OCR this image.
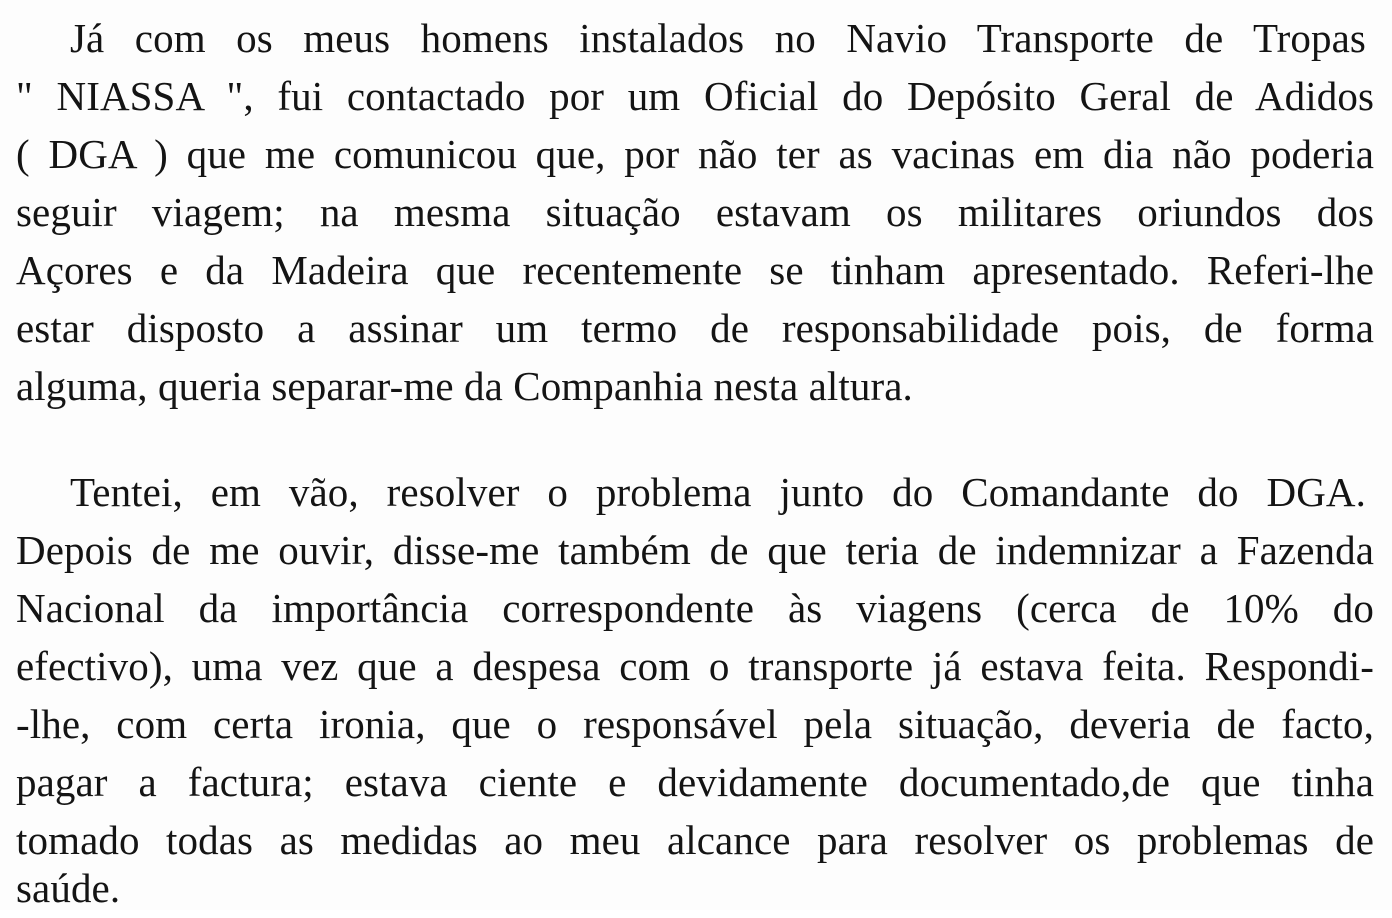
Já com os meus homens instalados no Navio Transporte de Tropas
" NIASSA ", fui contactado por um Oficial do Depósito Geral de Adidos
( DGA ) que me comunicou que, por não ter as vacinas em dia não poderia
seguir viagem; na mesma situação estavam os militares oriundos dos
Açores e da Madeira que recentemente se tinham apresentado. Referi-lhe
estar disposto a assinar um termo de responsabilidade pois, de forma
alguma, queria separar-me da Companhia nesta altura.
Tentei, em vão, resolver o problema junto do Comandante do DGA.
Depois de me ouvir, disse-me também de que teria de indemnizar a Fazenda
Nacional da importância correspondente às viagens (cerca de 10% do
efectivo), uma vez que a despesa com o transporte já estava feita. Respondi-
-lhe, com certa ironia, que o responsável pela situação, deveria de facto,
pagar a factura; estava ciente e devidamente documentado,de que tinha
tomado todas as medidas ao meu alcance para resolver os problemas de
saúde.
